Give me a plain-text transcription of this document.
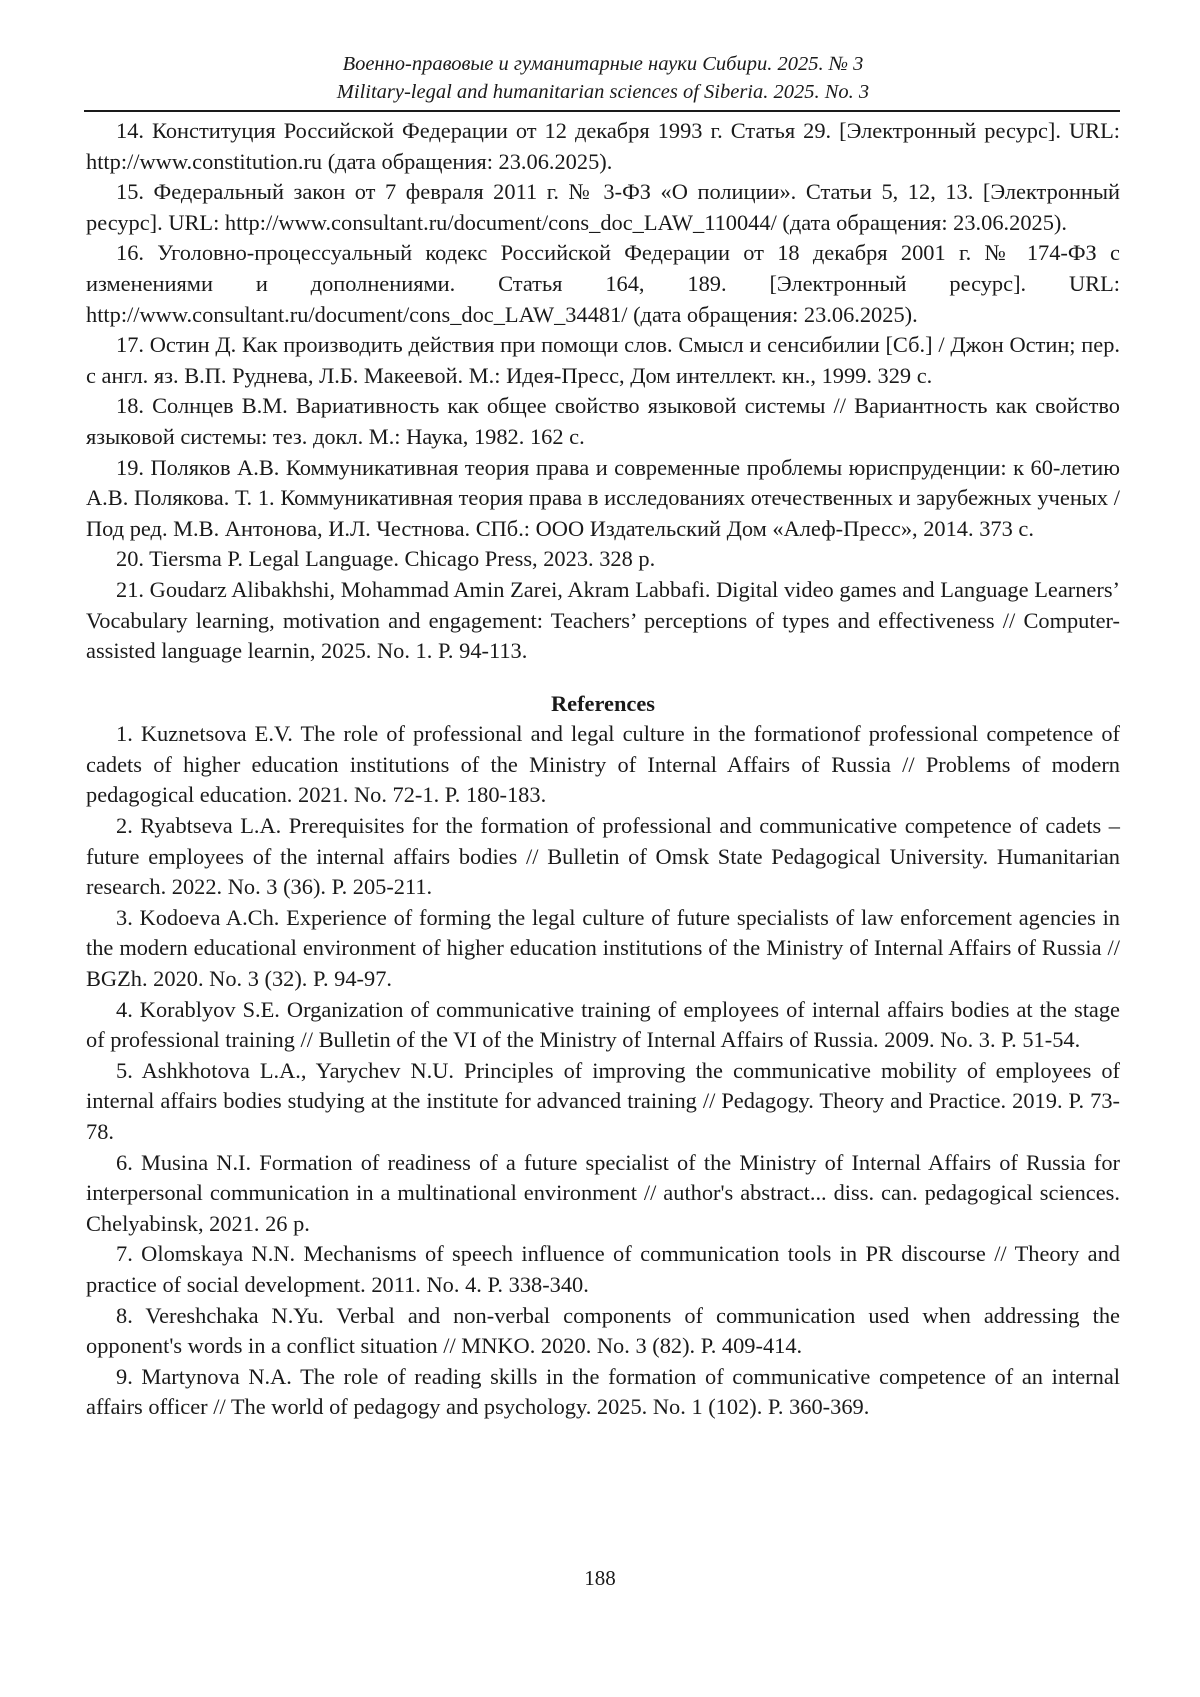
Военно-правовые и гуманитарные науки Сибири. 2025. № 3
Military-legal and humanitarian sciences of Siberia. 2025. No. 3

14. Конституция Российской Федерации от 12 декабря 1993 г. Статья 29. [Электронный ресурс]. URL: http://www.constitution.ru (дата обращения: 23.06.2025).

15. Федеральный закон от 7 февраля 2011 г. № 3-ФЗ «О полиции». Статьи 5, 12, 13. [Электронный ресурс]. URL: http://www.consultant.ru/document/cons_doc_LAW_110044/ (дата обращения: 23.06.2025).

16. Уголовно-процессуальный кодекс Российской Федерации от 18 декабря 2001 г. № 174-ФЗ с изменениями и дополнениями. Статья 164, 189. [Электронный ресурс]. URL: http://www.consultant.ru/document/cons_doc_LAW_34481/ (дата обращения: 23.06.2025).

17. Остин Д. Как производить действия при помощи слов. Смысл и сенсибилии [Сб.] / Джон Остин; пер. с англ. яз. В.П. Руднева, Л.Б. Макеевой. М.: Идея-Пресс, Дом интеллект. кн., 1999. 329 с.

18. Солнцев В.М. Вариативность как общее свойство языковой системы // Вариантность как свойство языковой системы: тез. докл. М.: Наука, 1982. 162 с.

19. Поляков А.В. Коммуникативная теория права и современные проблемы юриспруденции: к 60-летию А.В. Полякова. Т. 1. Коммуникативная теория права в исследованиях отечественных и зарубежных ученых / Под ред. М.В. Антонова, И.Л. Честнова. СПб.: ООО Издательский Дом «Алеф-Пресс», 2014. 373 с.

20. Tiersma P. Legal Language. Chicago Press, 2023. 328 p.

21. Goudarz Alibakhshi, Mohammad Amin Zarei, Akram Labbafi. Digital video games and Language Learners’ Vocabulary learning, motivation and engagement: Teachers’ perceptions of types and effectiveness // Computer-assisted language learnin, 2025. No. 1. P. 94-113.

References

1. Kuznetsova E.V. The role of professional and legal culture in the formationof professional competence of cadets of higher education institutions of the Ministry of Internal Affairs of Russia // Problems of modern pedagogical education. 2021. No. 72-1. P. 180-183.

2. Ryabtseva L.A. Prerequisites for the formation of professional and communicative competence of cadets – future employees of the internal affairs bodies // Bulletin of Omsk State Pedagogical University. Humanitarian research. 2022. No. 3 (36). P. 205-211.

3. Kodoeva A.Ch. Experience of forming the legal culture of future specialists of law enforcement agencies in the modern educational environment of higher education institutions of the Ministry of Internal Affairs of Russia // BGZh. 2020. No. 3 (32). P. 94-97.

4. Korablyov S.E. Organization of communicative training of employees of internal affairs bodies at the stage of professional training // Bulletin of the VI of the Ministry of Internal Affairs of Russia. 2009. No. 3. P. 51-54.

5. Ashkhotova L.A., Yarychev N.U. Principles of improving the communicative mobility of employees of internal affairs bodies studying at the institute for advanced training // Pedagogy. Theory and Practice. 2019. P. 73-78.

6. Musina N.I. Formation of readiness of a future specialist of the Ministry of Internal Affairs of Russia for interpersonal communication in a multinational environment // author's abstract... diss. can. pedagogical sciences. Chelyabinsk, 2021. 26 p.

7. Olomskaya N.N. Mechanisms of speech influence of communication tools in PR discourse // Theory and practice of social development. 2011. No. 4. P. 338-340.

8. Vereshchaka N.Yu. Verbal and non-verbal components of communication used when addressing the opponent's words in a conflict situation // MNKO. 2020. No. 3 (82). P. 409-414.

9. Martynova N.A. The role of reading skills in the formation of communicative competence of an internal affairs officer // The world of pedagogy and psychology. 2025. No. 1 (102). P. 360-369.

188
